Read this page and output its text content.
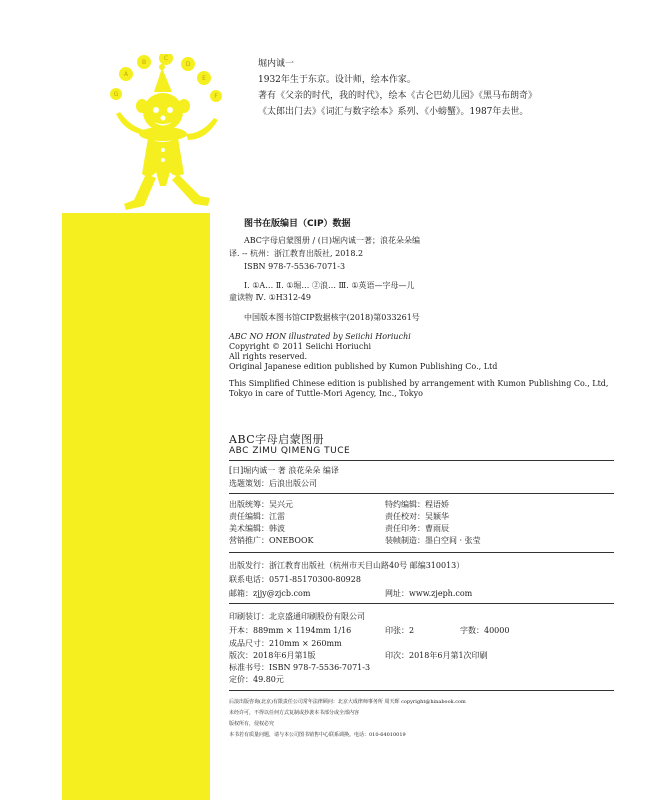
A
B
C
D
E
F
G
堀内诚一
1932年生于东京。设计师，绘本作家。
著有《父亲的时代，我的时代》，绘本《古仑巴幼儿园》《黑马布朗奇》
《太郎出门去》《词汇与数字绘本》系列、《小螃蟹》。1987年去世。
图书在版编目（CIP）数据
ABC字母启蒙图册 / (日)堀内诚一著；浪花朵朵编
译. -- 杭州：浙江教育出版社, 2018.2
ISBN 978-7-5536-7071-3
Ⅰ. ①A… Ⅱ. ①堀… ②浪… Ⅲ. ①英语—字母—儿
童读物 Ⅳ. ①H312-49
中国版本图书馆CIP数据核字(2018)第033261号
ABC NO HON illustrated by Seiichi Horiuchi
Copyright © 2011 Seiichi Horiuchi
All rights reserved.
Original Japanese edition published by Kumon Publishing Co., Ltd
This Simplified Chinese edition is published by arrangement with Kumon Publishing Co., Ltd,
Tokyo in care of Tuttle-Mori Agency, Inc., Tokyo
ABC字母启蒙图册
ABC ZIMU QIMENG TUCE
[日]堀内诚一 著 浪花朵朵 编译
选题策划：后浪出版公司
出版统筹：吴兴元	特约编辑：程语娇
责任编辑：江雷	责任校对：吴颖华
美术编辑：韩波	责任印务：曹雨辰
营销推广：ONEBOOK	装帧制造：墨白空间 · 张莹
出版发行：浙江教育出版社（杭州市天目山路40号 邮编310013）
联系电话：0571-85170300-80928
邮箱：zjjy@zjcb.com	网址：www.zjeph.com
印刷装订：北京盛通印刷股份有限公司
开本：889mm × 1194mm 1/16	印张：2	字数：40000
成品尺寸：210mm × 260mm
版次：2018年6月第1版	印次：2018年6月第1次印刷
标准书号：ISBN 978-7-5536-7071-3
定价：49.80元
后浪出版咨询(北京)有限责任公司常年法律顾问：北京大成律师事务所 周天晖 copyright@hinabook.com
未经许可，不得以任何方式复制或抄袭本书部分或全部内容
版权所有，侵权必究
本书若有质量问题，请与本公司图书销售中心联系调换。电话：010-64010019
